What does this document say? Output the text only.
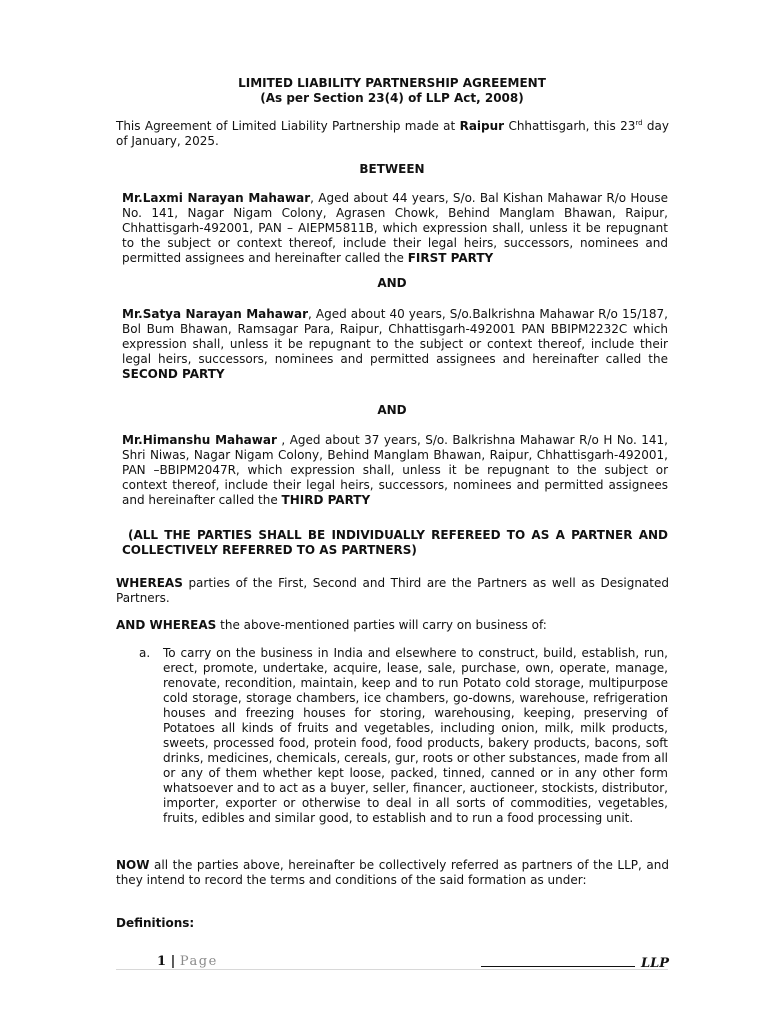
LIMITED LIABILITY PARTNERSHIP AGREEMENT
(As per Section 23(4) of LLP Act, 2008)
This Agreement of Limited Liability Partnership made at Raipur Chhattisgarh, this 23rd day of January, 2025.
BETWEEN
Mr.Laxmi Narayan Mahawar, Aged about 44 years, S/o. Bal Kishan Mahawar R/o House No. 141, Nagar Nigam Colony, Agrasen Chowk, Behind Manglam Bhawan, Raipur, Chhattisgarh-492001, PAN – AIEPM5811B, which expression shall, unless it be repugnant to the subject or context thereof, include their legal heirs, successors, nominees and permitted assignees and hereinafter called the FIRST PARTY
AND
Mr.Satya Narayan Mahawar, Aged about 40 years, S/o.Balkrishna Mahawar R/o 15/187, Bol Bum Bhawan, Ramsagar Para, Raipur, Chhattisgarh-492001 PAN BBIPM2232C which expression shall, unless it be repugnant to the subject or context thereof, include their legal heirs, successors, nominees and permitted assignees and hereinafter called the SECOND PARTY
AND
Mr.Himanshu Mahawar , Aged about 37 years, S/o. Balkrishna Mahawar R/o H No. 141, Shri Niwas, Nagar Nigam Colony, Behind Manglam Bhawan, Raipur, Chhattisgarh-492001, PAN –BBIPM2047R, which expression shall, unless it be repugnant to the subject or context thereof, include their legal heirs, successors, nominees and permitted assignees and hereinafter called the THIRD PARTY
(ALL THE PARTIES SHALL BE INDIVIDUALLY REFEREED TO AS A PARTNER AND COLLECTIVELY REFERRED TO AS PARTNERS)
WHEREAS parties of the First, Second and Third are the Partners as well as Designated Partners.
AND WHEREAS the above-mentioned parties will carry on business of:
a. To carry on the business in India and elsewhere to construct, build, establish, run, erect, promote, undertake, acquire, lease, sale, purchase, own, operate, manage, renovate, recondition, maintain, keep and to run Potato cold storage, multipurpose cold storage, storage chambers, ice chambers, go-downs, warehouse, refrigeration houses and freezing houses for storing, warehousing, keeping, preserving of Potatoes all kinds of fruits and vegetables, including onion, milk, milk products, sweets, processed food, protein food, food products, bakery products, bacons, soft drinks, medicines, chemicals, cereals, gur, roots or other substances, made from all or any of them whether kept loose, packed, tinned, canned or in any other form whatsoever and to act as a buyer, seller, financer, auctioneer, stockists, distributor, importer, exporter or otherwise to deal in all sorts of commodities, vegetables, fruits, edibles and similar good, to establish and to run a food processing unit.
NOW all the parties above, hereinafter be collectively referred as partners of the LLP, and they intend to record the terms and conditions of the said formation as under:
Definitions:
1 | Page	LLP
